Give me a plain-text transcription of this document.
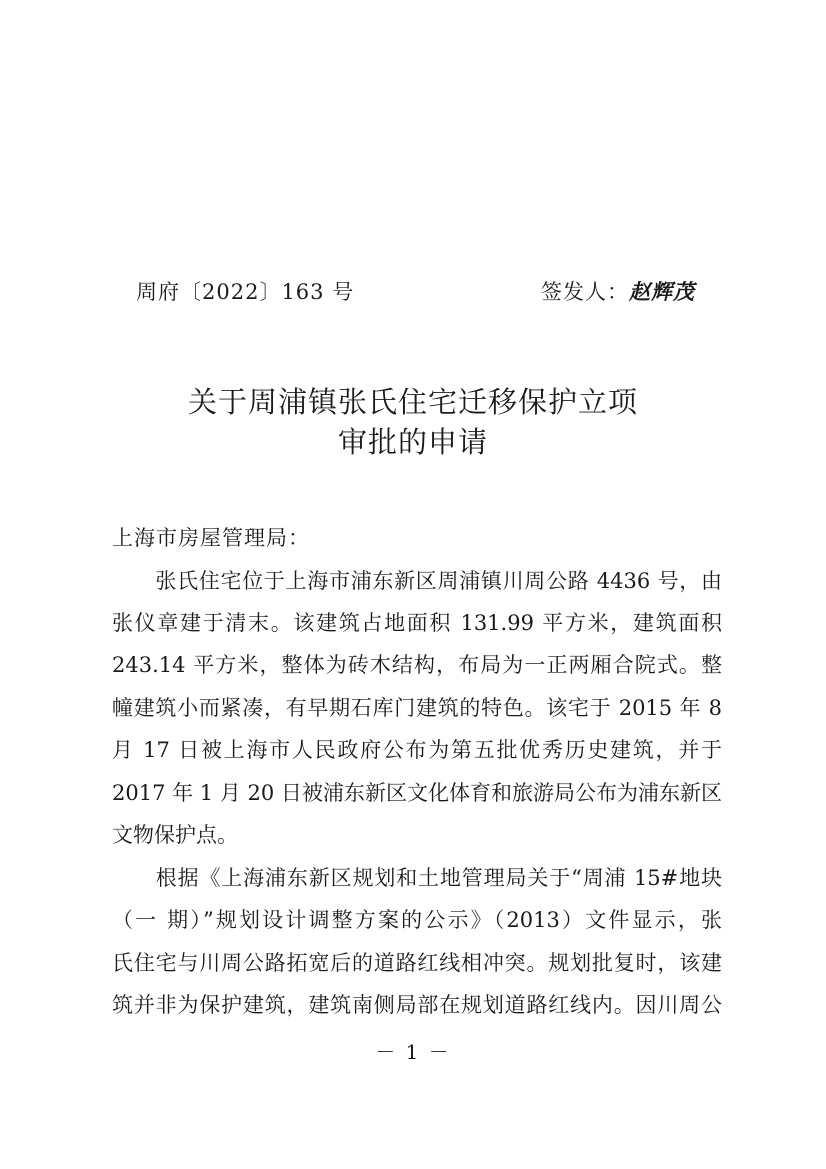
周府〔2022〕163 号	签发人：赵辉茂
关于周浦镇张氏住宅迁移保护立项
审批的申请
上海市房屋管理局：
　　张氏住宅位于上海市浦东新区周浦镇川周公路 4436 号，由
张仪章建于清末。该建筑占地面积 131.99 平方米，建筑面积
243.14 平方米，整体为砖木结构，布局为一正两厢合院式。整
幢建筑小而紧凑，有早期石库门建筑的特色。该宅于 2015 年 8
月 17 日被上海市人民政府公布为第五批优秀历史建筑，并于
2017 年 1 月 20 日被浦东新区文化体育和旅游局公布为浦东新区
文物保护点。
　　根据《上海浦东新区规划和土地管理局关于“周浦 15#地块
（一 期）”规划设计调整方案的公示》（2013）文件显示，张
氏住宅与川周公路拓宽后的道路红线相冲突。规划批复时，该建
筑并非为保护建筑，建筑南侧局部在规划道路红线内。因川周公
－ 1 －
